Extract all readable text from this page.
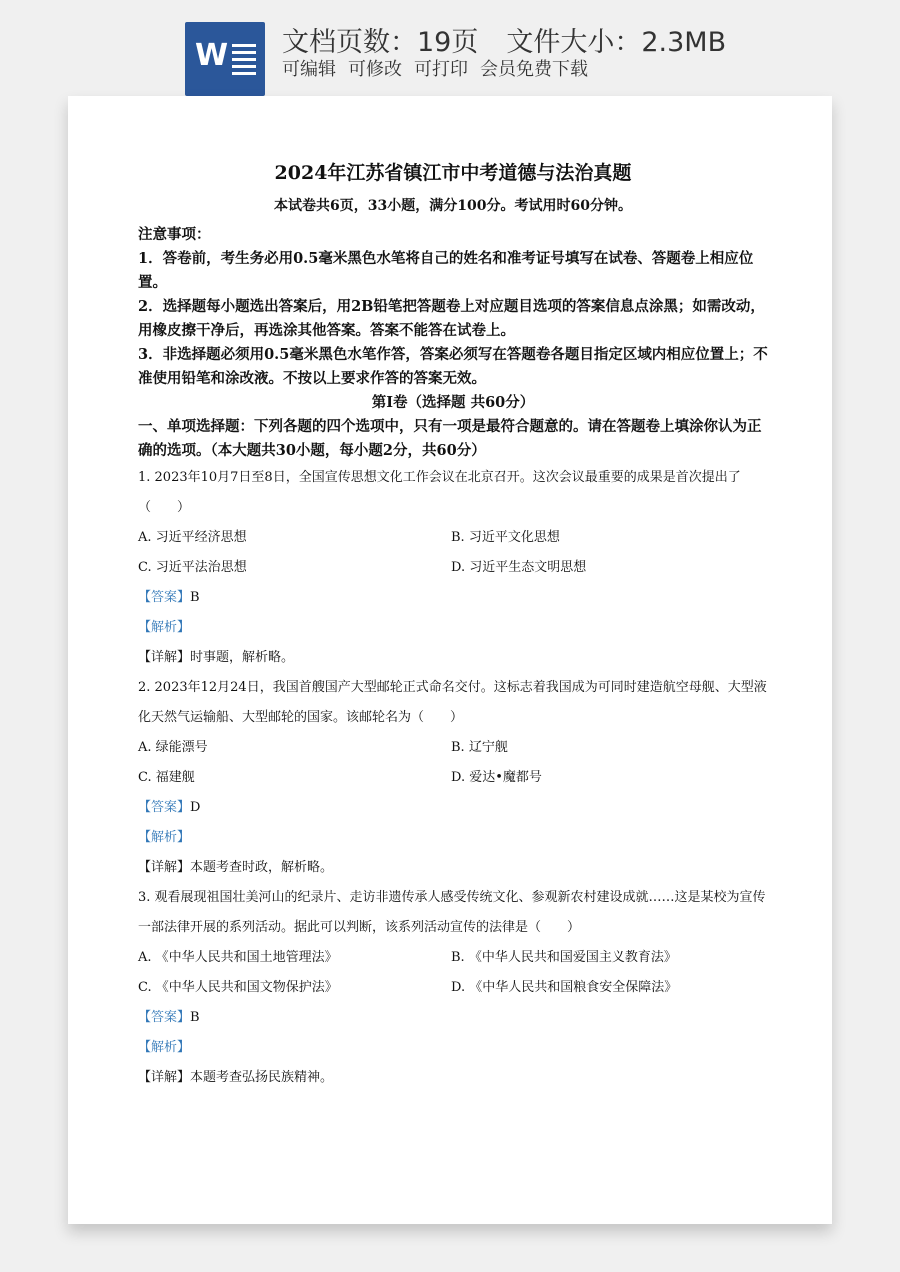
W 文档页数：19页 文件大小：2.3MB
可编辑 可修改 可打印 会员免费下载
2024年江苏省镇江市中考道德与法治真题
本试卷共6页，33小题，满分100分。考试用时60分钟。

注意事项：

1．答卷前，考生务必用0.5毫米黑色水笔将自己的姓名和准考证号填写在试卷、答题卷上相应位置。

2．选择题每小题选出答案后，用2B铅笔把答题卷上对应题目选项的答案信息点涂黑；如需改动，用橡皮擦干净后，再选涂其他答案。答案不能答在试卷上。

3．非选择题必须用0.5毫米黑色水笔作答，答案必须写在答题卷各题目指定区域内相应位置上；不准使用铅笔和涂改液。不按以上要求作答的答案无效。

第Ⅰ卷（选择题 共60分）

一、单项选择题：下列各题的四个选项中，只有一项是最符合题意的。请在答题卷上填涂你认为正确的选项。（本大题共30小题，每小题2分，共60分）

1. 2023年10月7日至8日，全国宣传思想文化工作会议在北京召开。这次会议最重要的成果是首次提出了（　　）

A. 习近平经济思想	B. 习近平文化思想
C. 习近平法治思想	D. 习近平生态文明思想

【答案】B

【解析】

【详解】时事题，解析略。

2. 2023年12月24日，我国首艘国产大型邮轮正式命名交付。这标志着我国成为可同时建造航空母舰、大型液化天然气运输船、大型邮轮的国家。该邮轮名为（　　）

A. 绿能漂号	B. 辽宁舰
C. 福建舰	D. 爱达•魔都号

【答案】D

【解析】

【详解】本题考查时政，解析略。

3. 观看展现祖国壮美河山的纪录片、走访非遗传承人感受传统文化、参观新农村建设成就……这是某校为宣传一部法律开展的系列活动。据此可以判断，该系列活动宣传的法律是（　　）

A. 《中华人民共和国土地管理法》	B. 《中华人民共和国爱国主义教育法》
C. 《中华人民共和国文物保护法》	D. 《中华人民共和国粮食安全保障法》

【答案】B

【解析】

【详解】本题考查弘扬民族精神。
